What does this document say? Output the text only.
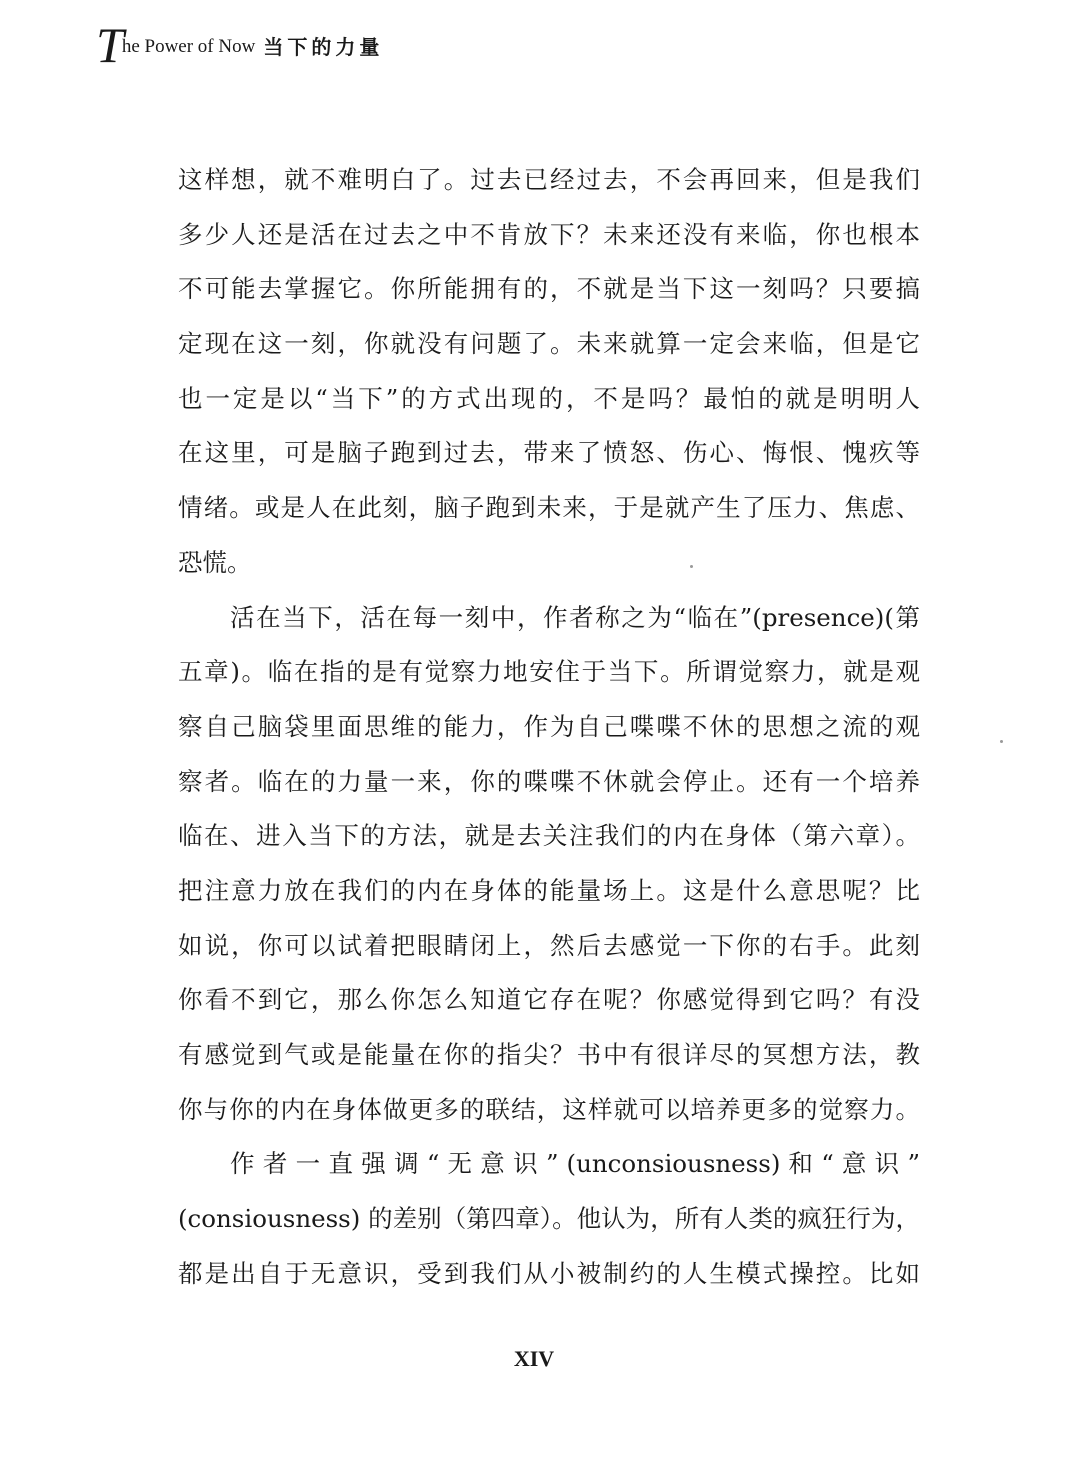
T
he Power of Now 当下的力量
这样想，就不难明白了。过去已经过去，不会再回来，但是我们
多少人还是活在过去之中不肯放下？未来还没有来临，你也根本
不可能去掌握它。你所能拥有的，不就是当下这一刻吗？只要搞
定现在这一刻，你就没有问题了。未来就算一定会来临，但是它
也一定是以“当下”的方式出现的，不是吗？最怕的就是明明人
在这里，可是脑子跑到过去，带来了愤怒、伤心、悔恨、愧疚等
情绪。或是人在此刻，脑子跑到未来，于是就产生了压力、焦虑、
恐慌。
活在当下，活在每一刻中，作者称之为“临在”(presence)(第
五章)。临在指的是有觉察力地安住于当下。所谓觉察力，就是观
察自己脑袋里面思维的能力，作为自己喋喋不休的思想之流的观
察者。临在的力量一来，你的喋喋不休就会停止。还有一个培养
临在、进入当下的方法，就是去关注我们的内在身体（第六章）。
把注意力放在我们的内在身体的能量场上。这是什么意思呢？比
如说，你可以试着把眼睛闭上，然后去感觉一下你的右手。此刻
你看不到它，那么你怎么知道它存在呢？你感觉得到它吗？有没
有感觉到气或是能量在你的指尖？书中有很详尽的冥想方法，教
你与你的内在身体做更多的联结，这样就可以培养更多的觉察力。
作 者 一 直 强 调 “ 无 意 识 ” (unconsiousness) 和 “ 意 识 ”
(consiousness) 的差别（第四章）。他认为，所有人类的疯狂行为，
都是出自于无意识，受到我们从小被制约的人生模式操控。比如
XIV
